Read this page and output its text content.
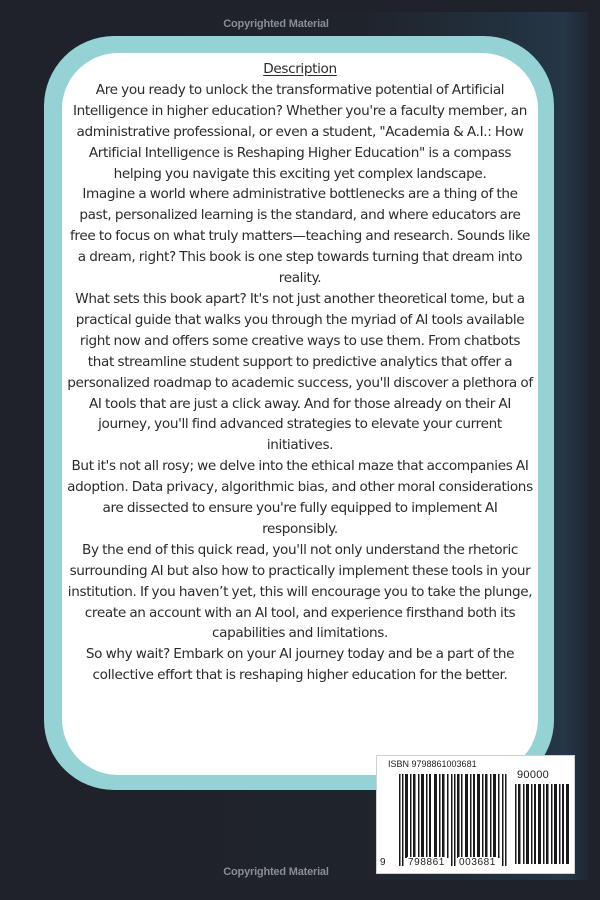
Copyrighted Material
Description
Are you ready to unlock the transformative potential of Artificial Intelligence in higher education? Whether you're a faculty member, an administrative professional, or even a student, "Academia & A.I.: How Artificial Intelligence is Reshaping Higher Education" is a compass helping you navigate this exciting yet complex landscape.
Imagine a world where administrative bottlenecks are a thing of the past, personalized learning is the standard, and where educators are free to focus on what truly matters—teaching and research. Sounds like a dream, right? This book is one step towards turning that dream into reality.
What sets this book apart? It's not just another theoretical tome, but a practical guide that walks you through the myriad of AI tools available right now and offers some creative ways to use them. From chatbots that streamline student support to predictive analytics that offer a personalized roadmap to academic success, you'll discover a plethora of AI tools that are just a click away. And for those already on their AI journey, you'll find advanced strategies to elevate your current initiatives.
But it's not all rosy; we delve into the ethical maze that accompanies AI adoption. Data privacy, algorithmic bias, and other moral considerations are dissected to ensure you're fully equipped to implement AI responsibly.
By the end of this quick read, you'll not only understand the rhetoric surrounding AI but also how to practically implement these tools in your institution. If you haven’t yet, this will encourage you to take the plunge, create an account with an AI tool, and experience firsthand both its capabilities and limitations.
So why wait? Embark on your AI journey today and be a part of the collective effort that is reshaping higher education for the better.
ISBN 9798861003681
90000
9 798861 003681
Copyrighted Material
